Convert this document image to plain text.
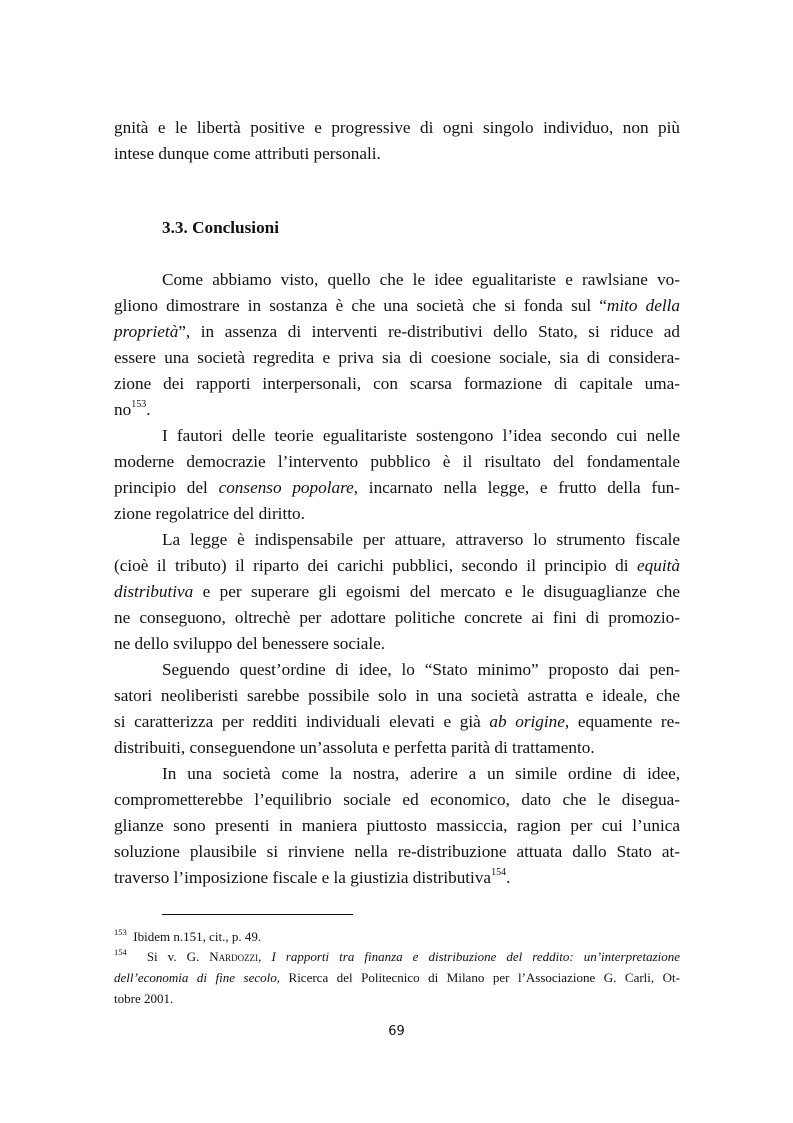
gnità e le libertà positive e progressive di ogni singolo individuo, non più
intese dunque come attributi personali.
3.3. Conclusioni
Come abbiamo visto, quello che le idee egualitariste e rawlsiane vo-
gliono dimostrare in sostanza è che una società che si fonda sul “mito della
proprietà”, in assenza di interventi re-distributivi dello Stato, si riduce ad
essere una società regredita e priva sia di coesione sociale, sia di considera-
zione dei rapporti interpersonali, con scarsa formazione di capitale uma-
$no^{153}$.
I fautori delle teorie egualitariste sostengono l’idea secondo cui nelle
moderne democrazie l’intervento pubblico è il risultato del fondamentale
principio del consenso popolare, incarnato nella legge, e frutto della fun-
zione regolatrice del diritto.
La legge è indispensabile per attuare, attraverso lo strumento fiscale
(cioè il tributo) il riparto dei carichi pubblici, secondo il principio di equità
distributiva e per superare gli egoismi del mercato e le disuguaglianze che
ne conseguono, oltrechè per adottare politiche concrete ai fini di promozio-
ne dello sviluppo del benessere sociale.
Seguendo quest’ordine di idee, lo “Stato minimo” proposto dai pen-
satori neoliberisti sarebbe possibile solo in una società astratta e ideale, che
si caratterizza per redditi individuali elevati e già ab origine, equamente re-
distribuiti, conseguendone un’assoluta e perfetta parità di trattamento.
In una società come la nostra, aderire a un simile ordine di idee,
comprometterebbe l’equilibrio sociale ed economico, dato che le disegua-
glianze sono presenti in maniera piuttosto massiccia, ragion per cui l’unica
soluzione plausibile si rinviene nella re-distribuzione attuata dallo Stato at-
traverso l’imposizione fiscale e la giustizia distributiva$^{154}$.
$^{153}$ Ibidem n.151, cit., p. 49.
$^{154}$ Si v. G. Nardozzi, I rapporti tra finanza e distribuzione del reddito: un’interpretazione
dell’economia di fine secolo, Ricerca del Politecnico di Milano per l’Associazione G. Carli, Ot-
tobre 2001.
69
